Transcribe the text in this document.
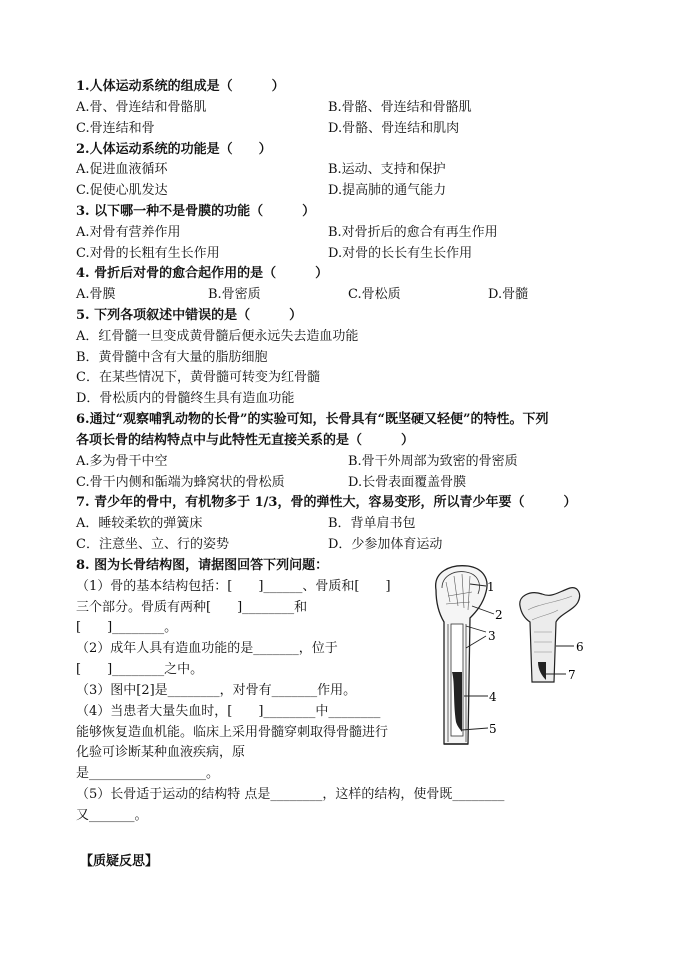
1.人体运动系统的组成是（　　　）
A.骨、骨连结和骨骼肌	B.骨骼、骨连结和骨骼肌
C.骨连结和骨	D.骨骼、骨连结和肌肉
2.人体运动系统的功能是（　　）
A.促进血液循环	B.运动、支持和保护
C.促使心肌发达	D.提高肺的通气能力
3. 以下哪一种不是骨膜的功能（　　　）
A.对骨有营养作用	B.对骨折后的愈合有再生作用
C.对骨的长粗有生长作用	D.对骨的长长有生长作用
4. 骨折后对骨的愈合起作用的是（　　　）
A.骨膜	B.骨密质	C.骨松质	D.骨髓
5. 下列各项叙述中错误的是（　　　）
A．红骨髓一旦变成黄骨髓后便永远失去造血功能
B．黄骨髓中含有大量的脂肪细胞
C．在某些情况下，黄骨髓可转变为红骨髓
D．骨松质内的骨髓终生具有造血功能
6.通过“观察哺乳动物的长骨”的实验可知，长骨具有“既坚硬又轻便”的特性。下列
各项长骨的结构特点中与此特性无直接关系的是（　　　）
A.多为骨干中空	B.骨干外周部为致密的骨密质
C.骨干内侧和骺端为蜂窝状的骨松质	D.长骨表面覆盖骨膜
7. 青少年的骨中，有机物多于 1/3，骨的弹性大，容易变形，所以青少年要（　　　）
A．睡较柔软的弹簧床	B．背单肩书包
C．注意坐、立、行的姿势	D．少参加体育运动
8. 图为长骨结构图，请据图回答下列问题：
（1）骨的基本结构包括：[　　]______、骨质和[　　]
三个部分。骨质有两种[　　]________和
[　　]________。
（2）成年人具有造血功能的是_______，位于
[　　]________之中。
（3）图中[2]是________，对骨有_______作用。
（4）当患者大量失血时，[　　]________中________
能够恢复造血机能。临床上采用骨髓穿刺取得骨髓进行
化验可诊断某种血液疾病，原
是__________________。
（5）长骨适于运动的结构特 点是________，这样的结构，使骨既________
又_______。
1
2
3
4
5
6
7
【质疑反思】
